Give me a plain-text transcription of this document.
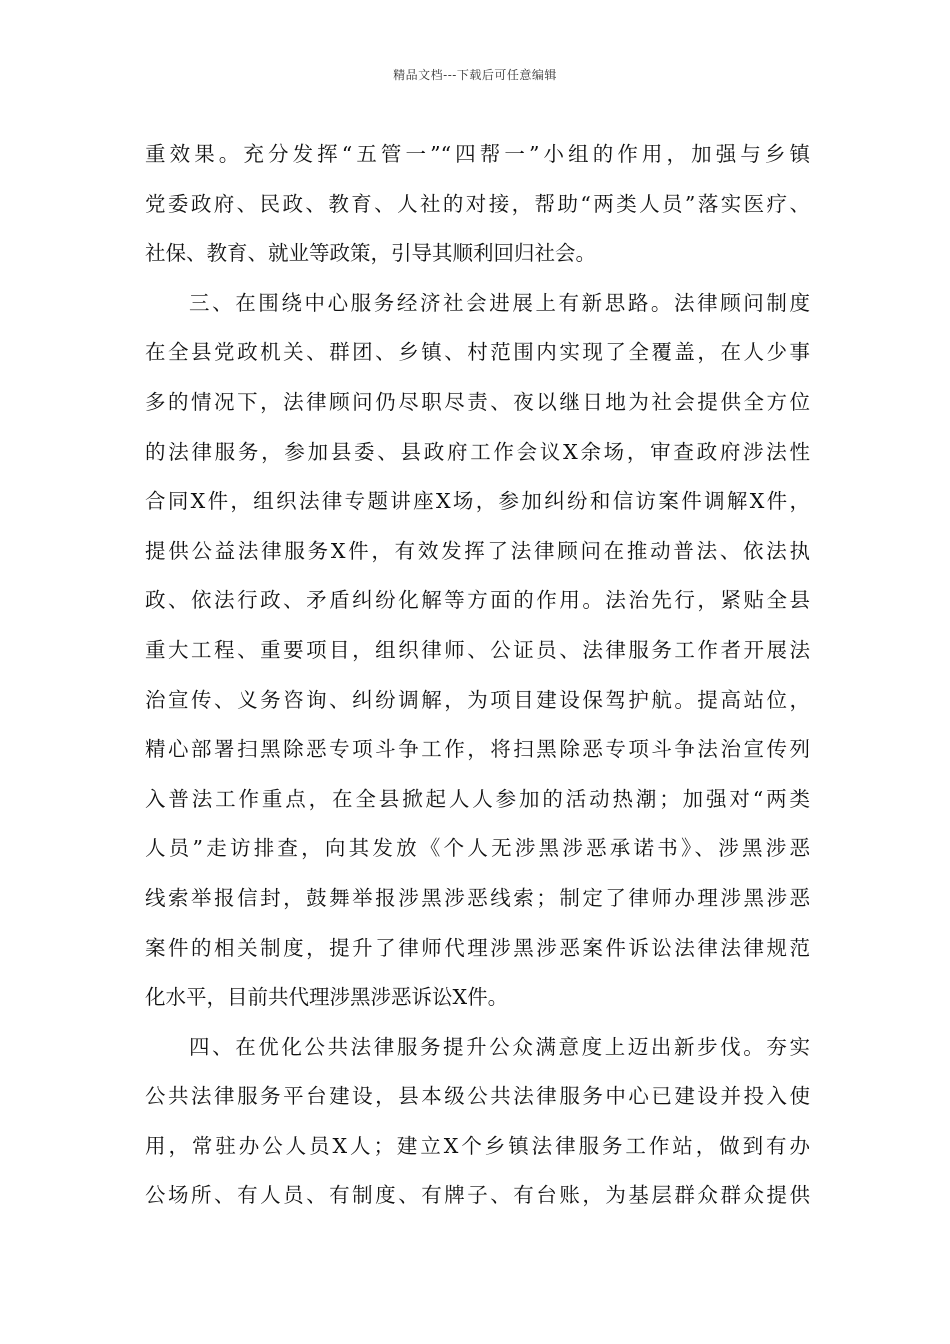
精品文档---下载后可任意编辑
重效果。充分发挥“五管一”“四帮一”小组的作用，加强与乡镇
党委政府、民政、教育、人社的对接，帮助“两类人员”落实医疗、
社保、教育、就业等政策，引导其顺利回归社会。
三、在围绕中心服务经济社会进展上有新思路。法律顾问制度
在全县党政机关、群团、乡镇、村范围内实现了全覆盖，在人少事
多的情况下，法律顾问仍尽职尽责、夜以继日地为社会提供全方位
的法律服务，参加县委、县政府工作会议X余场，审查政府涉法性
合同X件，组织法律专题讲座X场，参加纠纷和信访案件调解X件，
提供公益法律服务X件，有效发挥了法律顾问在推动普法、依法执
政、依法行政、矛盾纠纷化解等方面的作用。法治先行，紧贴全县
重大工程、重要项目，组织律师、公证员、法律服务工作者开展法
治宣传、义务咨询、纠纷调解，为项目建设保驾护航。提高站位，
精心部署扫黑除恶专项斗争工作，将扫黑除恶专项斗争法治宣传列
入普法工作重点，在全县掀起人人参加的活动热潮；加强对“两类
人员”走访排查，向其发放《个人无涉黑涉恶承诺书》、涉黑涉恶
线索举报信封，鼓舞举报涉黑涉恶线索；制定了律师办理涉黑涉恶
案件的相关制度，提升了律师代理涉黑涉恶案件诉讼法律法律规范
化水平，目前共代理涉黑涉恶诉讼X件。
四、在优化公共法律服务提升公众满意度上迈出新步伐。夯实
公共法律服务平台建设，县本级公共法律服务中心已建设并投入使
用，常驻办公人员X人；建立X个乡镇法律服务工作站，做到有办
公场所、有人员、有制度、有牌子、有台账，为基层群众群众提供
